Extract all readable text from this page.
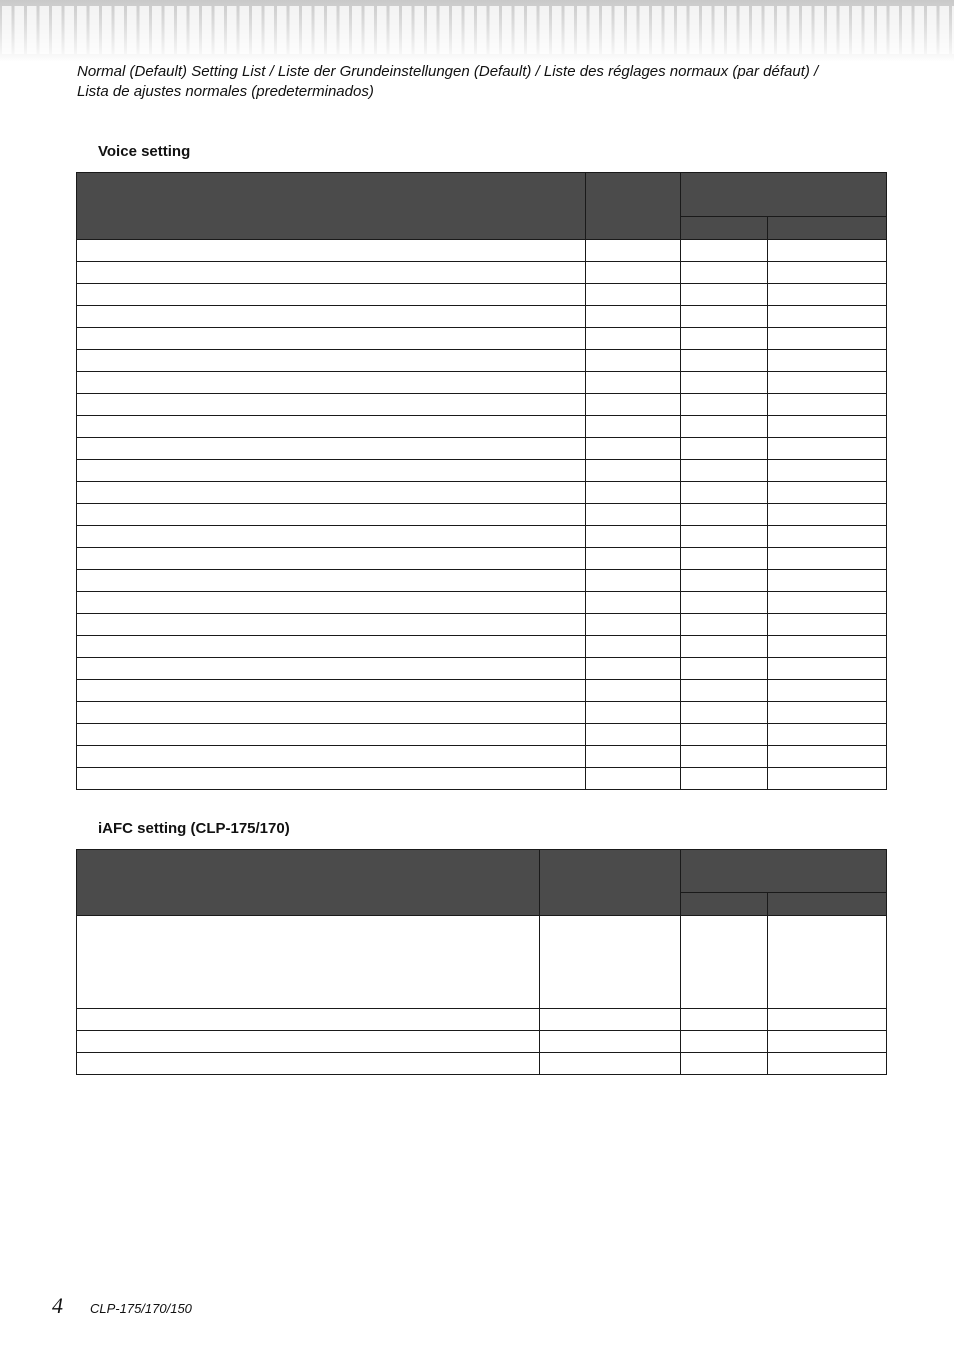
Normal (Default) Setting List / Liste der Grundeinstellungen (Default) / Liste des réglages normaux (par défaut) /
Lista de ajustes normales (predeterminados)
Voice setting

iAFC setting (CLP-175/170)

4 CLP-175/170/150
